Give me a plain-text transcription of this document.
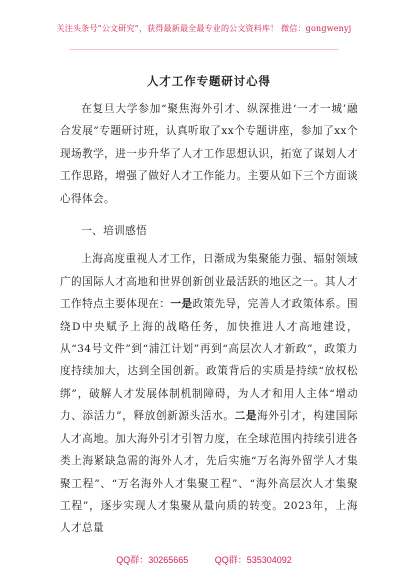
关注头条号“公文研究”，获得最新最全最专业的公文资料库！ 微信：gongwenyj
人才工作专题研讨心得

在复旦大学参加“聚焦海外引才、纵深推进‘一才一城’融合发展”专题研讨班，认真听取了xx个专题讲座，参加了xx个现场教学，进一步升华了人才工作思想认识，拓宽了谋划人才工作思路，增强了做好人才工作能力。主要从如下三个方面谈心得体会。

一、培训感悟

上海高度重视人才工作，日渐成为集聚能力强、辐射领域广的国际人才高地和世界创新创业最活跃的地区之一。其人才工作特点主要体现在：一是政策先导，完善人才政策体系。围绕D中央赋予上海的战略任务，加快推进人才高地建设，从“34号文件”到“浦江计划”再到“高层次人才新政”，政策力度持续加大，达到全国创新。政策背后的实质是持续“放权松绑”，破解人才发展体制机制障碍，为人才和用人主体“增动力、添活力”，释放创新源头活水。二是海外引才，构建国际人才高地。加大海外引才引智力度，在全球范围内持续引进各类上海紧缺急需的海外人才，先后实施“万名海外留学人才集聚工程”、“万名海外人才集聚工程”、“海外高层次人才集聚工程”，逐步实现人才集聚从量向质的转变。2023年，上海人才总量

QQ群：30265665	QQ群：535304092
